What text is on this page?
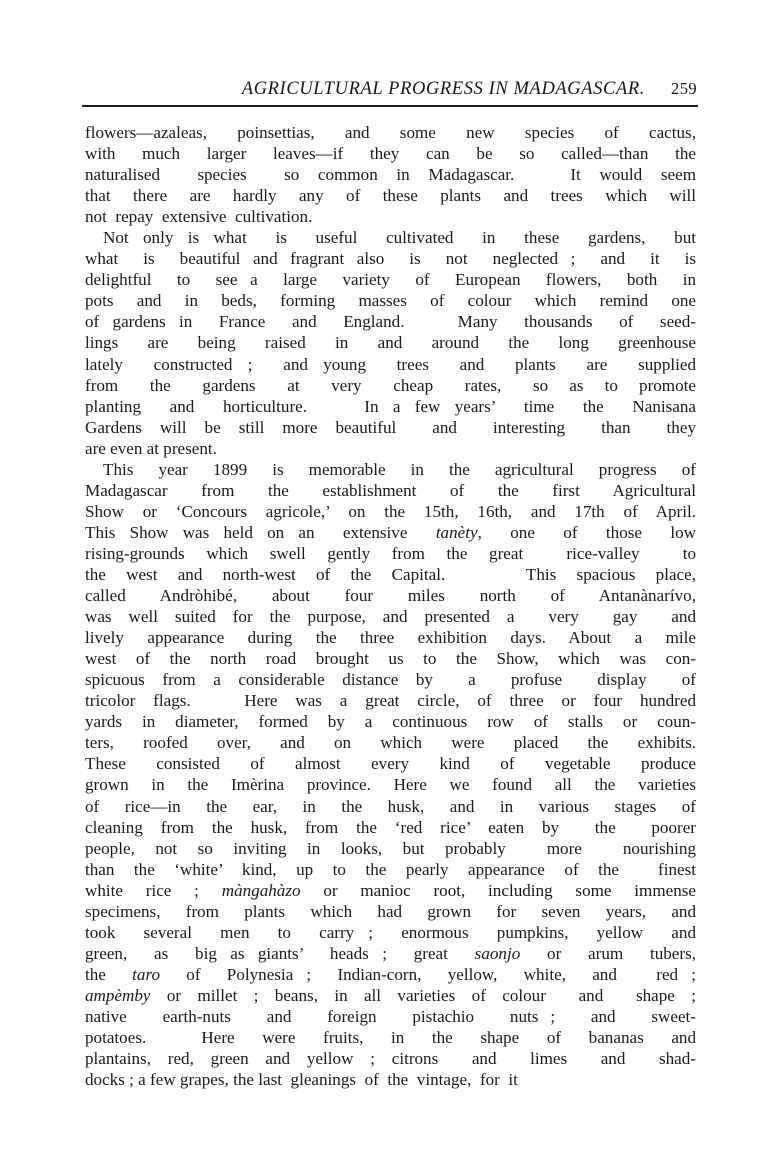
AGRICULTURAL PROGRESS IN MADAGASCAR. 259
flowers—azaleas, poinsettias, and some new species of cactus,
with  much  larger  leaves—if  they  can  be  so  called—than  the
naturalised  species  so common in Madagascar.   It would seem
that  there  are  hardly  any  of  these  plants  and  trees  which  will
not  repay  extensive  cultivation.
Not only is what  is  useful  cultivated  in  these  gardens,  but
what  is  beautiful and fragrant also  is  not  neglected ;  and  it  is
delightful  to  see a  large  variety  of  European  flowers,  both  in
pots  and  in  beds,  forming  masses  of  colour  which  remind  one
of gardens in  France  and  England.    Many  thousands  of  seed-
lings  are  being  raised  in  and  around  the  long  greenhouse
lately  constructed ;  and young  trees  and  plants  are  supplied
from   the   gardens   at   very   cheap   rates,   so  as  to  promote
planting  and  horticulture.    In a few years’  time  the  Nanisana
Gardens will be still more beautiful  and  interesting  than  they
are even at present.
This  year  1899  is  memorable  in  the  agricultural  progress  of
Madagascar  from  the  establishment  of  the  first  Agricultural
Show or ‘Concours agricole,’ on the 15th, 16th, and 17th of April.
This Show was held on an  extensive  tanèty,  one  of  those  low
rising-grounds which swell gently from the great  rice-valley  to
the west and north-west of the Capital.    This spacious place,
called  Andròhibé,  about  four  miles  north  of  Antanànarívo,
was well suited for the purpose, and presented a  very  gay  and
lively appearance during the three exhibition days. About a mile
west of the north road brought us to the Show, which was con-
spicuous from a considerable distance by  a  profuse  display  of
tricolor flags.   Here was a great circle, of three or four hundred
yards in diameter, formed by a continuous row of stalls or coun-
ters,  roofed  over,  and  on  which  were  placed  the  exhibits.
These  consisted  of  almost  every  kind  of  vegetable  produce
grown in the Imèrina province. Here we found all the varieties
of  rice—in  the  ear,  in  the  husk,  and  in  various  stages  of
cleaning from the husk, from the ‘red rice’ eaten by  the  poorer
people, not so inviting in looks, but probably  more  nourishing
than the ‘white’ kind, up to the pearly appearance of the  finest
white rice ; màngahàzo or manioc root, including some immense
specimens,  from  plants  which  had  grown  for  seven  years,  and
took  several  men  to  carry ;  enormous  pumpkins,  yellow  and
green,  as  big as giants’  heads ;  great  saonjo  or  arum  tubers,
the  taro  of  Polynesia ;  Indian-corn,  yellow,  white,  and   red ;
ampèmby or millet ; beans, in all varieties of colour  and  shape ;
native   earth-nuts   and   foreign   pistachio   nuts ;   and   sweet-
potatoes.    Here  were  fruits,  in  the  shape  of  bananas  and
plantains, red, green and yellow ; citrons  and  limes  and  shad-
docks ; a few grapes, the last  gleanings  of  the  vintage,  for  it
